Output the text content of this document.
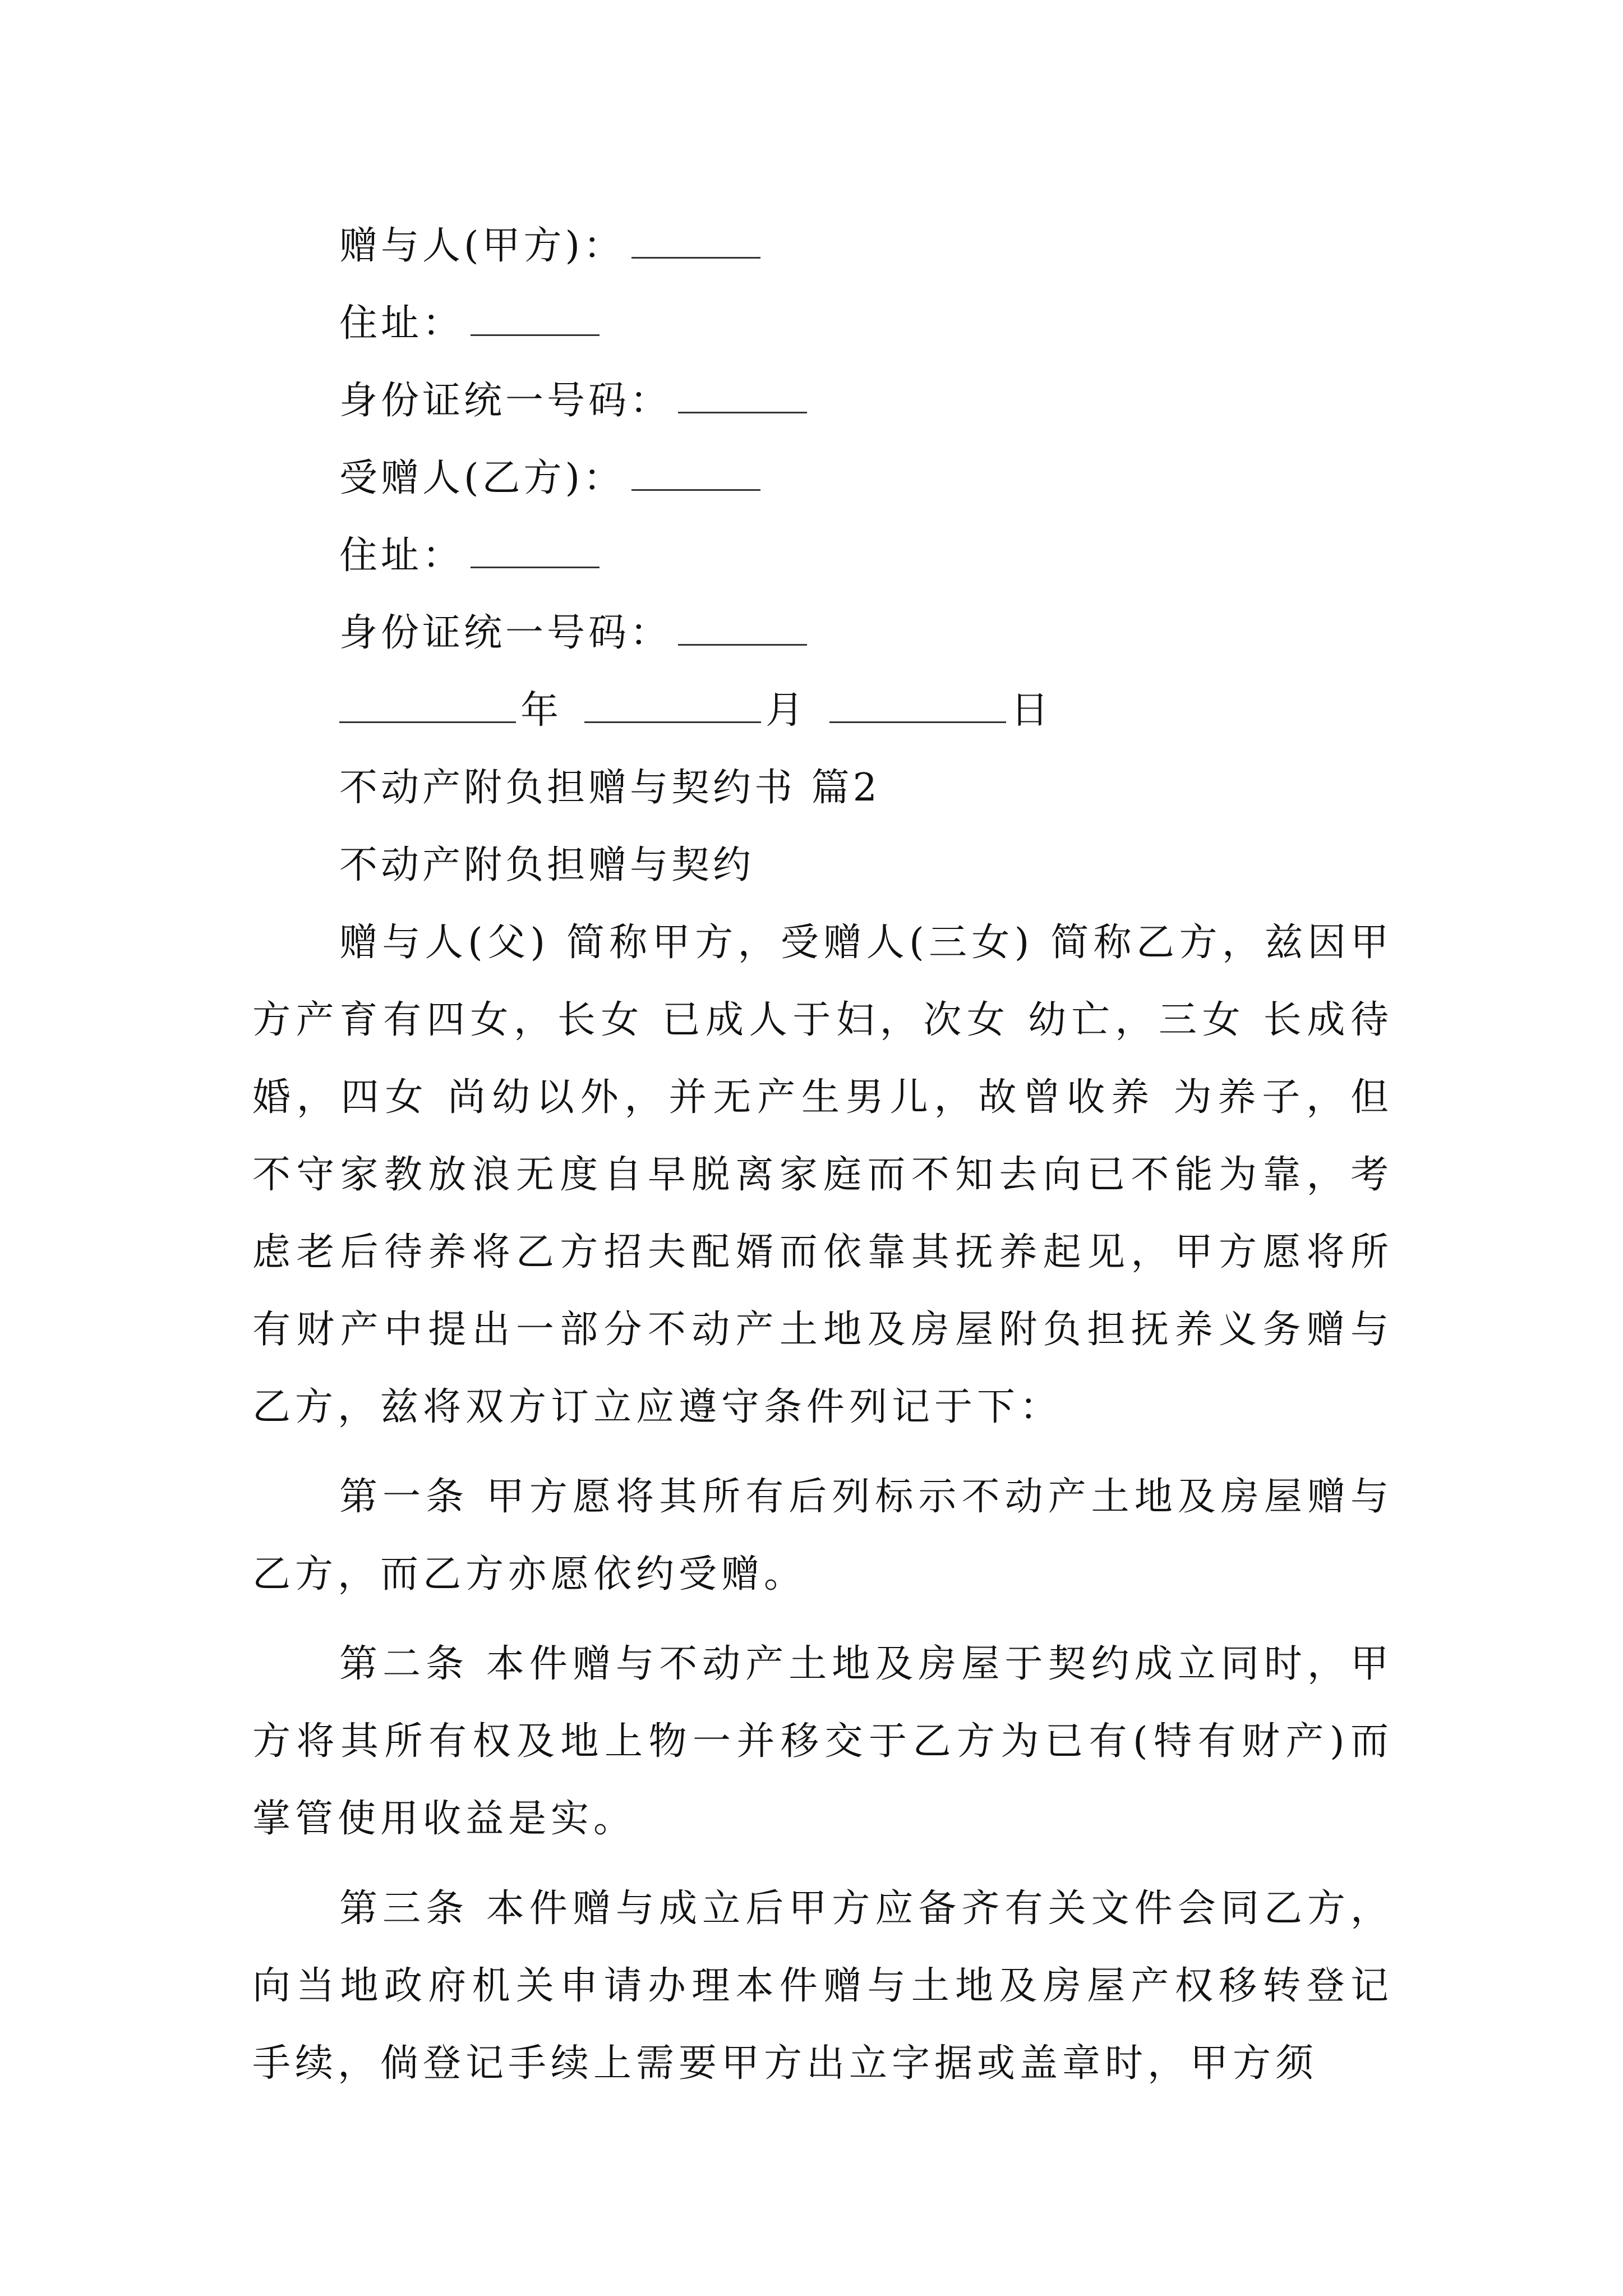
赠与人(甲方)：
住址：
身份证统一号码：
受赠人(乙方)：
住址：
身份证统一号码：
年	月	日
不动产附负担赠与契约书 篇2
不动产附负担赠与契约

赠与人(父) 简称甲方，受赠人(三女) 简称乙方，兹因甲方产育有四女，长女 已成人于妇，次女 幼亡，三女 长成待婚，四女 尚幼以外，并无产生男儿，故曾收养 为养子，但不守家教放浪无度自早脱离家庭而不知去向已不能为靠，考虑老后待养将乙方招夫配婿而依靠其抚养起见，甲方愿将所有财产中提出一部分不动产土地及房屋附负担抚养义务赠与乙方，兹将双方订立应遵守条件列记于下：

第一条 甲方愿将其所有后列标示不动产土地及房屋赠与乙方，而乙方亦愿依约受赠。

第二条 本件赠与不动产土地及房屋于契约成立同时，甲方将其所有权及地上物一并移交于乙方为已有(特有财产)而掌管使用收益是实。

第三条 本件赠与成立后甲方应备齐有关文件会同乙方，向当地政府机关申请办理本件赠与土地及房屋产权移转登记手续，倘登记手续上需要甲方出立字据或盖章时，甲方须
